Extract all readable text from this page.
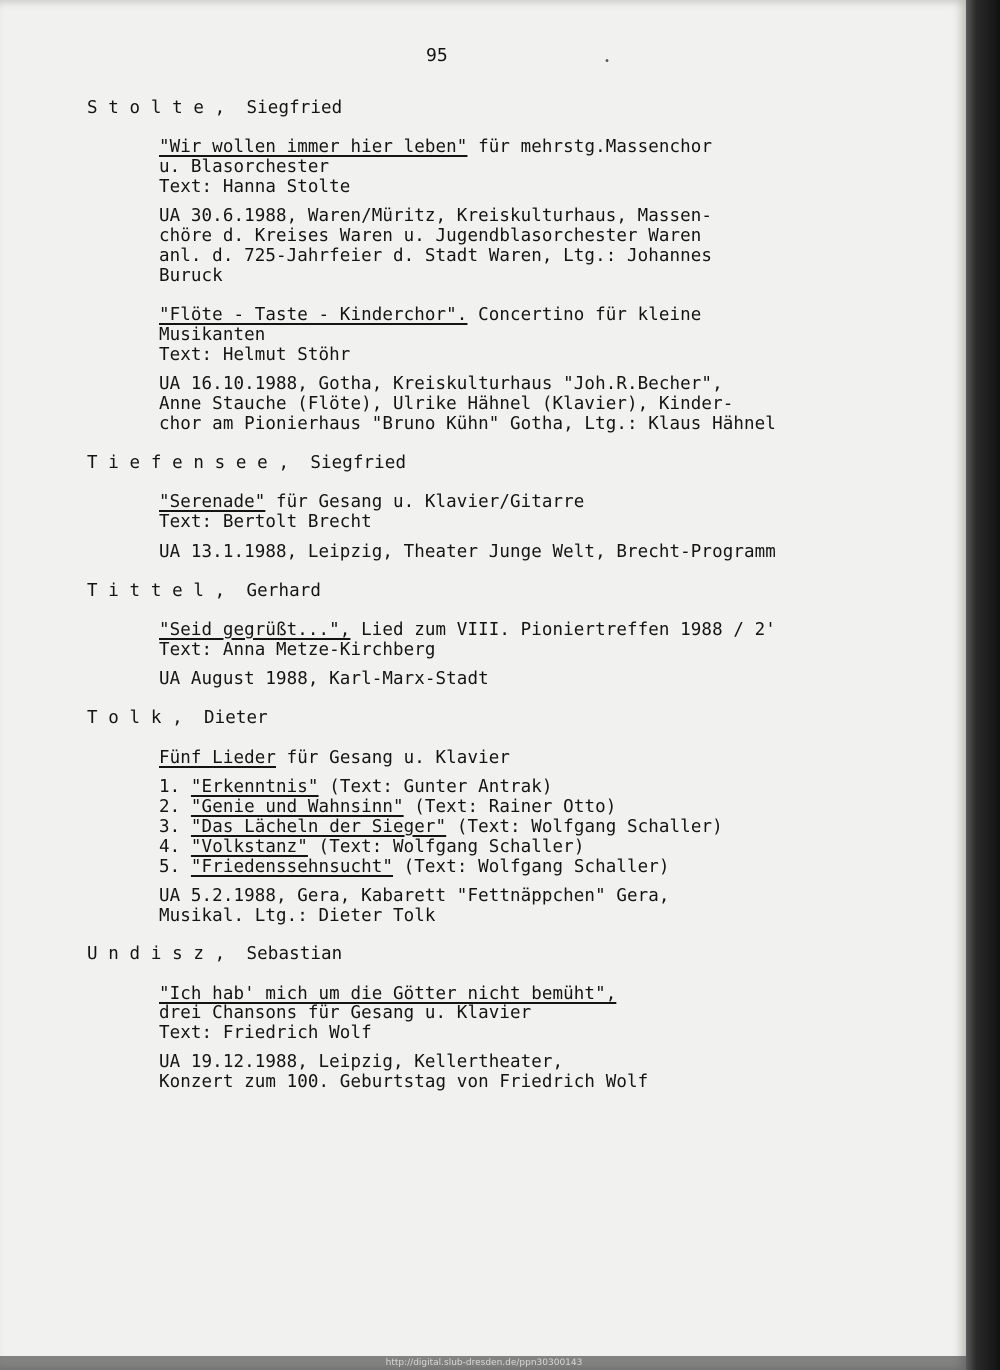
95	•
S t o l t e ,  Siegfried
"Wir wollen immer hier leben" für mehrstg.Massenchor
u. Blasorchester
Text: Hanna Stolte
UA 30.6.1988, Waren/Müritz, Kreiskulturhaus, Massen-
chöre d. Kreises Waren u. Jugendblasorchester Waren
anl. d. 725-Jahrfeier d. Stadt Waren, Ltg.: Johannes
Buruck
"Flöte - Taste - Kinderchor". Concertino für kleine
Musikanten
Text: Helmut Stöhr
UA 16.10.1988, Gotha, Kreiskulturhaus "Joh.R.Becher",
Anne Stauche (Flöte), Ulrike Hähnel (Klavier), Kinder-
chor am Pionierhaus "Bruno Kühn" Gotha, Ltg.: Klaus Hähnel
T i e f e n s e e ,  Siegfried
"Serenade" für Gesang u. Klavier/Gitarre
Text: Bertolt Brecht
UA 13.1.1988, Leipzig, Theater Junge Welt, Brecht-Programm
T i t t e l ,  Gerhard
"Seid gegrüßt...", Lied zum VIII. Pioniertreffen 1988 / 2'
Text: Anna Metze-Kirchberg
UA August 1988, Karl-Marx-Stadt
T o l k ,  Dieter
Fünf Lieder für Gesang u. Klavier
1. "Erkenntnis" (Text: Gunter Antrak)
2. "Genie und Wahnsinn" (Text: Rainer Otto)
3. "Das Lächeln der Sieger" (Text: Wolfgang Schaller)
4. "Volkstanz" (Text: Wolfgang Schaller)
5. "Friedenssehnsucht" (Text: Wolfgang Schaller)
UA 5.2.1988, Gera, Kabarett "Fettnäppchen" Gera,
Musikal. Ltg.: Dieter Tolk
U n d i s z ,  Sebastian
"Ich hab' mich um die Götter nicht bemüht",
drei Chansons für Gesang u. Klavier
Text: Friedrich Wolf
UA 19.12.1988, Leipzig, Kellertheater,
Konzert zum 100. Geburtstag von Friedrich Wolf
http://digital.slub-dresden.de/ppn30300143
